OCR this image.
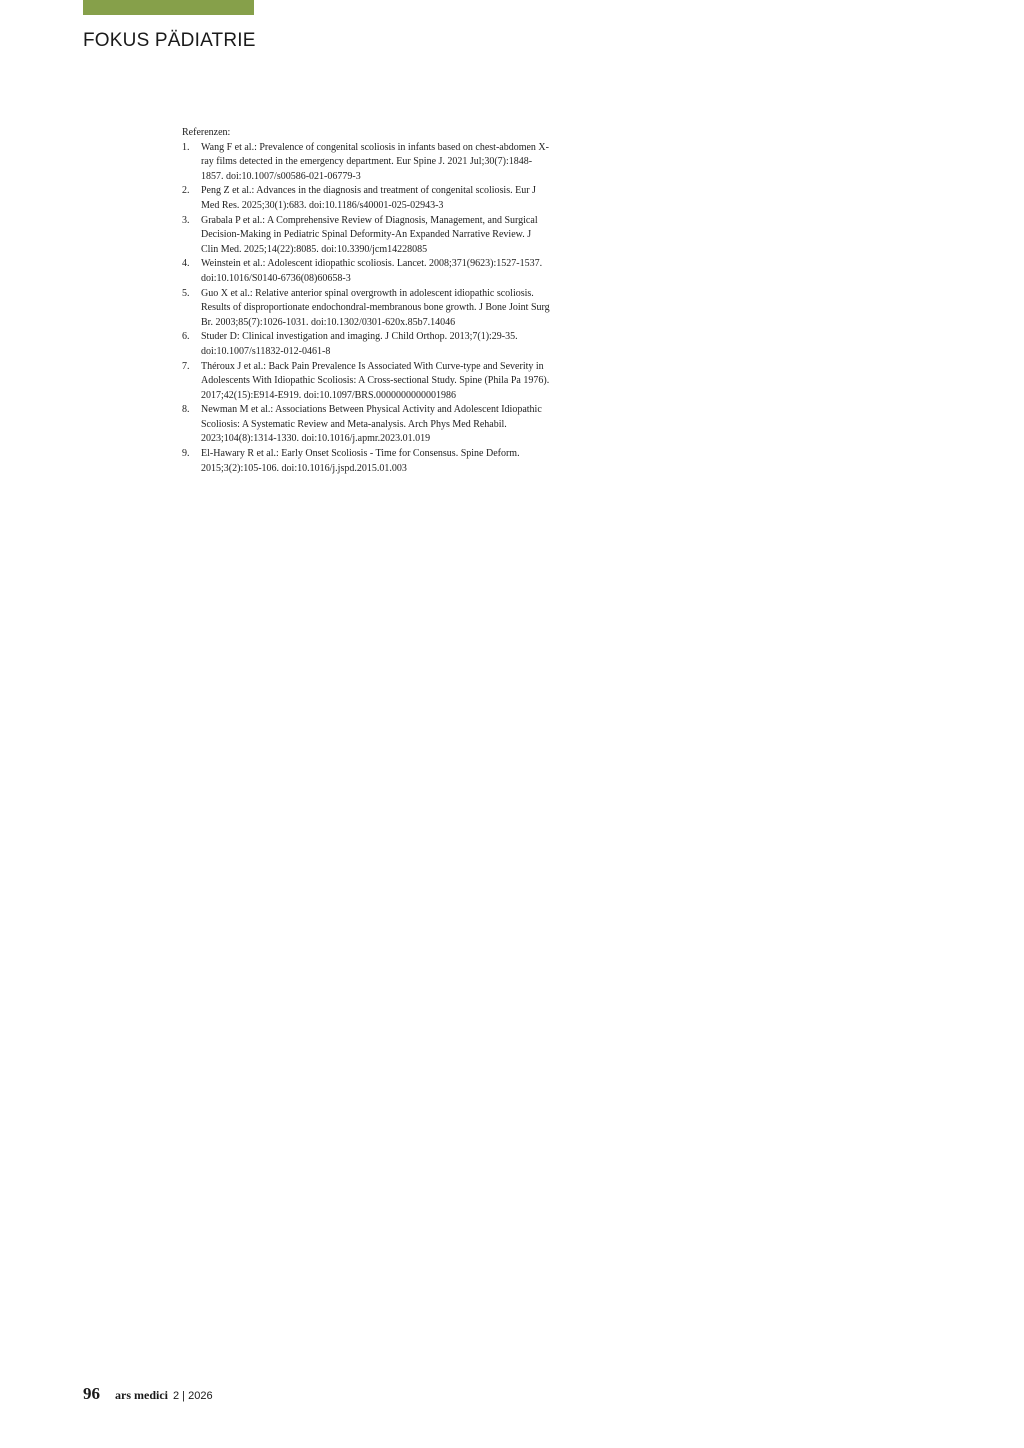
FOKUS PÄDIATRIE

Referenzen:

1.	Wang F et al.: Prevalence of congenital scoliosis in infants based on chest-abdomen X-ray films detected in the emergency department. Eur Spine J. 2021 Jul;30(7):1848-1857. doi:10.1007/s00586-021-06779-3
2.	Peng Z et al.: Advances in the diagnosis and treatment of congenital scoliosis. Eur J Med Res. 2025;30(1):683. doi:10.1186/s40001-025-02943-3
3.	Grabala P et al.: A Comprehensive Review of Diagnosis, Management, and Surgical Decision-Making in Pediatric Spinal Deformity-An Expanded Narrative Review. J Clin Med. 2025;14(22):8085. doi:10.3390/jcm14228085
4.	Weinstein et al.: Adolescent idiopathic scoliosis. Lancet. 2008;371(9623):1527-1537. doi:10.1016/S0140-6736(08)60658-3
5.	Guo X et al.: Relative anterior spinal overgrowth in adolescent idiopathic scoliosis. Results of disproportionate endochondral-membranous bone growth. J Bone Joint Surg Br. 2003;85(7):1026-1031. doi:10.1302/0301-620x.85b7.14046
6.	Studer D: Clinical investigation and imaging. J Child Orthop. 2013;7(1):29-35. doi:10.1007/s11832-012-0461-8
7.	Théroux J et al.: Back Pain Prevalence Is Associated With Curve-type and Severity in Adolescents With Idiopathic Scoliosis: A Cross-sectional Study. Spine (Phila Pa 1976). 2017;42(15):E914-E919. doi:10.1097/BRS.0000000000001986
8.	Newman M et al.: Associations Between Physical Activity and Adolescent Idiopathic Scoliosis: A Systematic Review and Meta-analysis. Arch Phys Med Rehabil. 2023;104(8):1314-1330. doi:10.1016/j.apmr.2023.01.019
9.	El-Hawary R et al.: Early Onset Scoliosis - Time for Consensus. Spine Deform. 2015;3(2):105-106. doi:10.1016/j.jspd.2015.01.003
96 ars medici 2 | 2026
